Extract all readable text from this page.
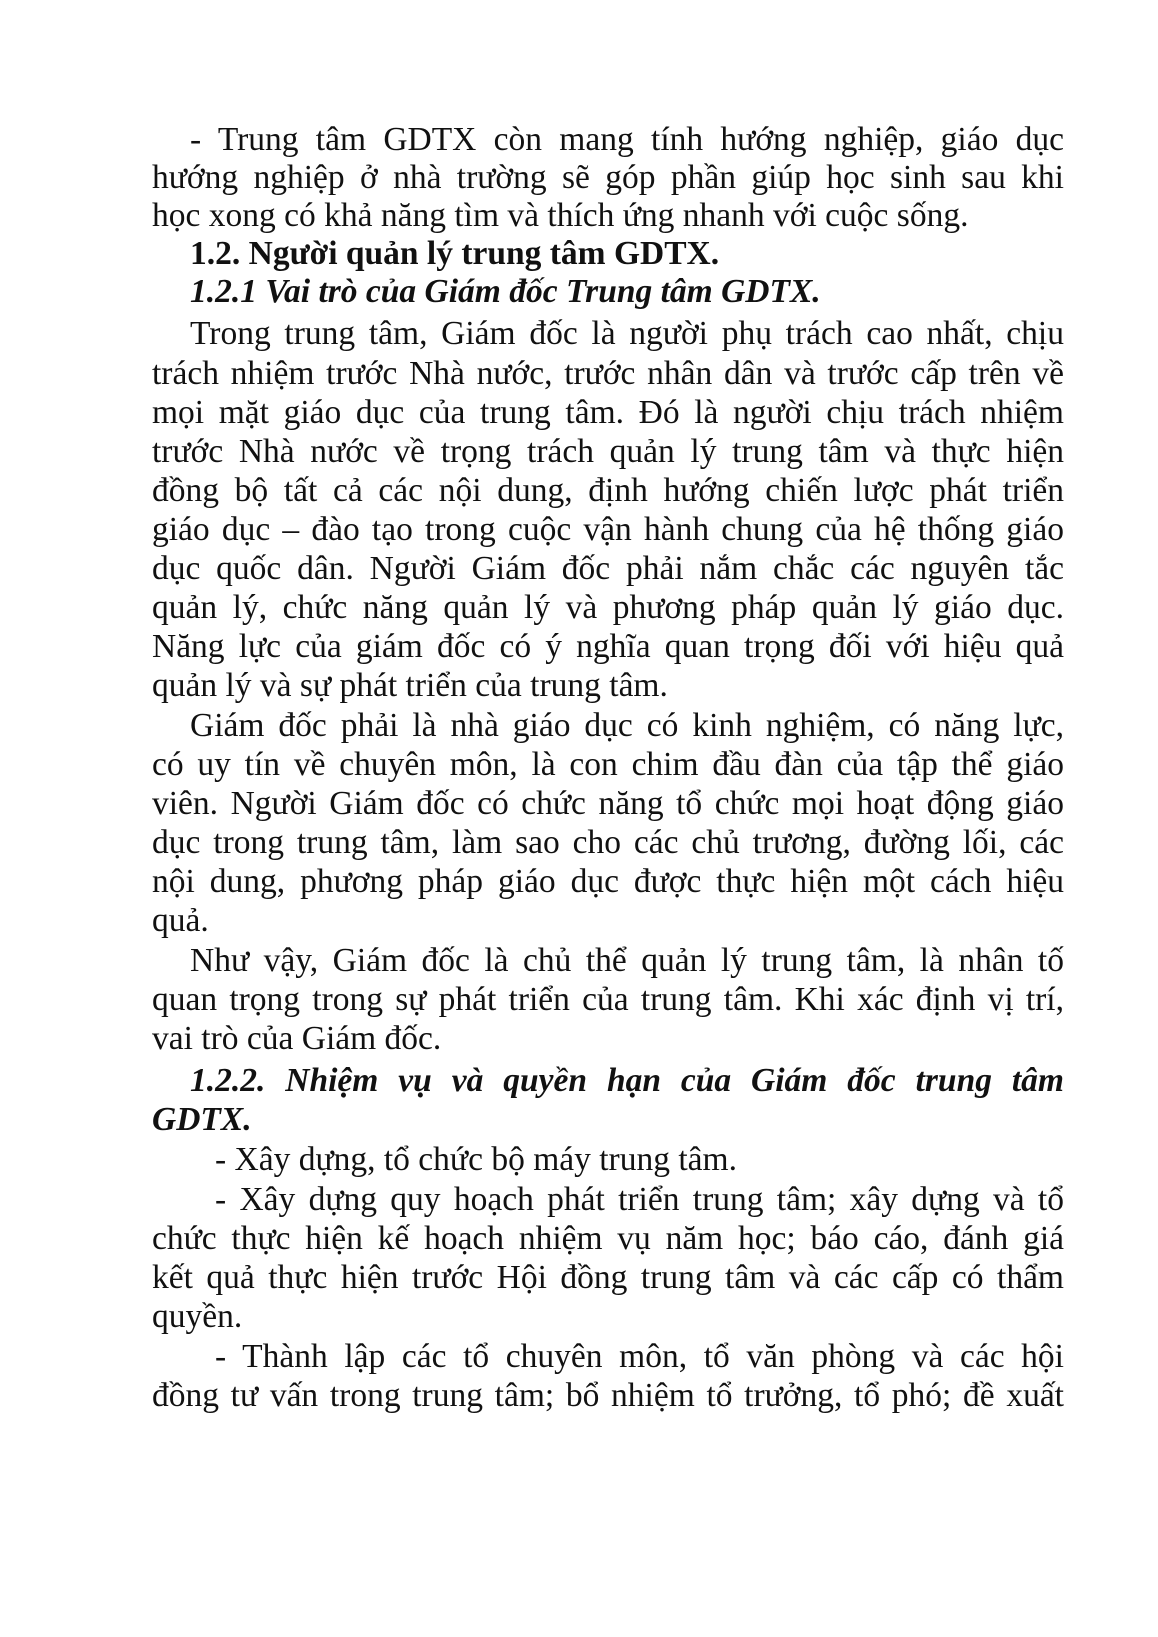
- Trung tâm GDTX còn mang tính hướng nghiệp, giáo dục
hướng nghiệp ở nhà trường sẽ góp phần giúp học sinh sau khi
học xong có khả năng tìm và thích ứng nhanh với cuộc sống.
1.2. Người quản lý trung tâm GDTX.
1.2.1 Vai trò của Giám đốc Trung tâm GDTX.
Trong trung tâm, Giám đốc là người phụ trách cao nhất, chịu
trách nhiệm trước Nhà nước, trước nhân dân và trước cấp trên về
mọi mặt giáo dục của trung tâm. Đó là người chịu trách nhiệm
trước Nhà nước về trọng trách quản lý trung tâm và thực hiện
đồng bộ tất cả các nội dung, định hướng chiến lược phát triển
giáo dục – đào tạo trong cuộc vận hành chung của hệ thống giáo
dục quốc dân. Người Giám đốc phải nắm chắc các nguyên tắc
quản lý, chức năng quản lý và phương pháp quản lý giáo dục.
Năng lực của giám đốc có ý nghĩa quan trọng đối với hiệu quả
quản lý và sự phát triển của trung tâm.
Giám đốc phải là nhà giáo dục có kinh nghiệm, có năng lực,
có uy tín về chuyên môn, là con chim đầu đàn của tập thể giáo
viên. Người Giám đốc có chức năng tổ chức mọi hoạt động giáo
dục trong trung tâm, làm sao cho các chủ trương, đường lối, các
nội dung, phương pháp giáo dục được thực hiện một cách hiệu
quả.
Như vậy, Giám đốc là chủ thể quản lý trung tâm, là nhân tố
quan trọng trong sự phát triển của trung tâm. Khi xác định vị trí,
vai trò của Giám đốc.
1.2.2. Nhiệm vụ và quyền hạn của Giám đốc trung tâm
GDTX.
- Xây dựng, tổ chức bộ máy trung tâm.
- Xây dựng quy hoạch phát triển trung tâm; xây dựng và tổ
chức thực hiện kế hoạch nhiệm vụ năm học; báo cáo, đánh giá
kết quả thực hiện trước Hội đồng trung tâm và các cấp có thẩm
quyền.
- Thành lập các tổ chuyên môn, tổ văn phòng và các hội
đồng tư vấn trong trung tâm; bổ nhiệm tổ trưởng, tổ phó; đề xuất
